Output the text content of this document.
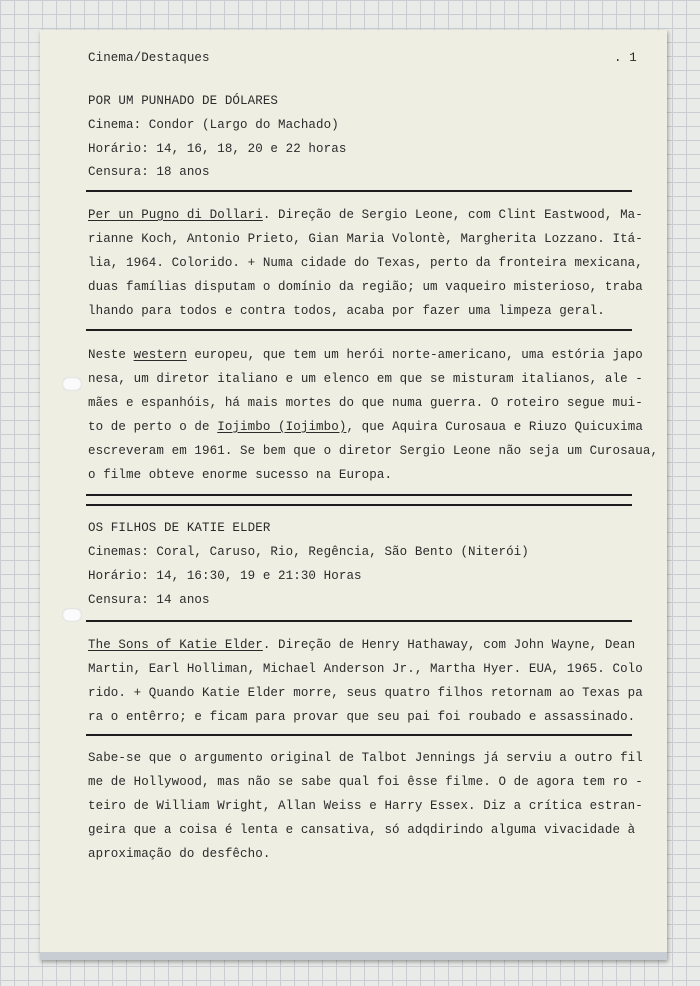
Cinema/Destaques	. 1
POR UM PUNHADO DE DÓLARES
Cinema: Condor (Largo do Machado)
Horário: 14, 16, 18, 20 e 22 horas
Censura: 18 anos
Per un Pugno di Dollari. Direção de Sergio Leone, com Clint Eastwood, Ma-
rianne Koch, Antonio Prieto, Gian Maria Volontè, Margherita Lozzano. Itá-
lia, 1964. Colorido. + Numa cidade do Texas, perto da fronteira mexicana,
duas famílias disputam o domínio da região; um vaqueiro misterioso, traba
lhando para todos e contra todos, acaba por fazer uma limpeza geral.
Neste western europeu, que tem um herói norte-americano, uma estória japo
nesa, um diretor italiano e um elenco em que se misturam italianos, ale -
mães e espanhóis, há mais mortes do que numa guerra. O roteiro segue mui-
to de perto o de Iojimbo (Iojimbo), que Aquira Curosaua e Riuzo Quicuxima
escreveram em 1961. Se bem que o diretor Sergio Leone não seja um Curosaua,
o filme obteve enorme sucesso na Europa.
OS FILHOS DE KATIE ELDER
Cinemas: Coral, Caruso, Rio, Regência, São Bento (Niterói)
Horário: 14, 16:30, 19 e 21:30 Horas
Censura: 14 anos
The Sons of Katie Elder. Direção de Henry Hathaway, com John Wayne, Dean
Martin, Earl Holliman, Michael Anderson Jr., Martha Hyer. EUA, 1965. Colo
rido. + Quando Katie Elder morre, seus quatro filhos retornam ao Texas pa
ra o entêrro; e ficam para provar que seu pai foi roubado e assassinado.
Sabe-se que o argumento original de Talbot Jennings já serviu a outro fil
me de Hollywood, mas não se sabe qual foi êsse filme. O de agora tem ro -
teiro de William Wright, Allan Weiss e Harry Essex. Diz a crítica estran-
geira que a coisa é lenta e cansativa, só adqdirindo alguma vivacidade à
aproximação do desfêcho.
